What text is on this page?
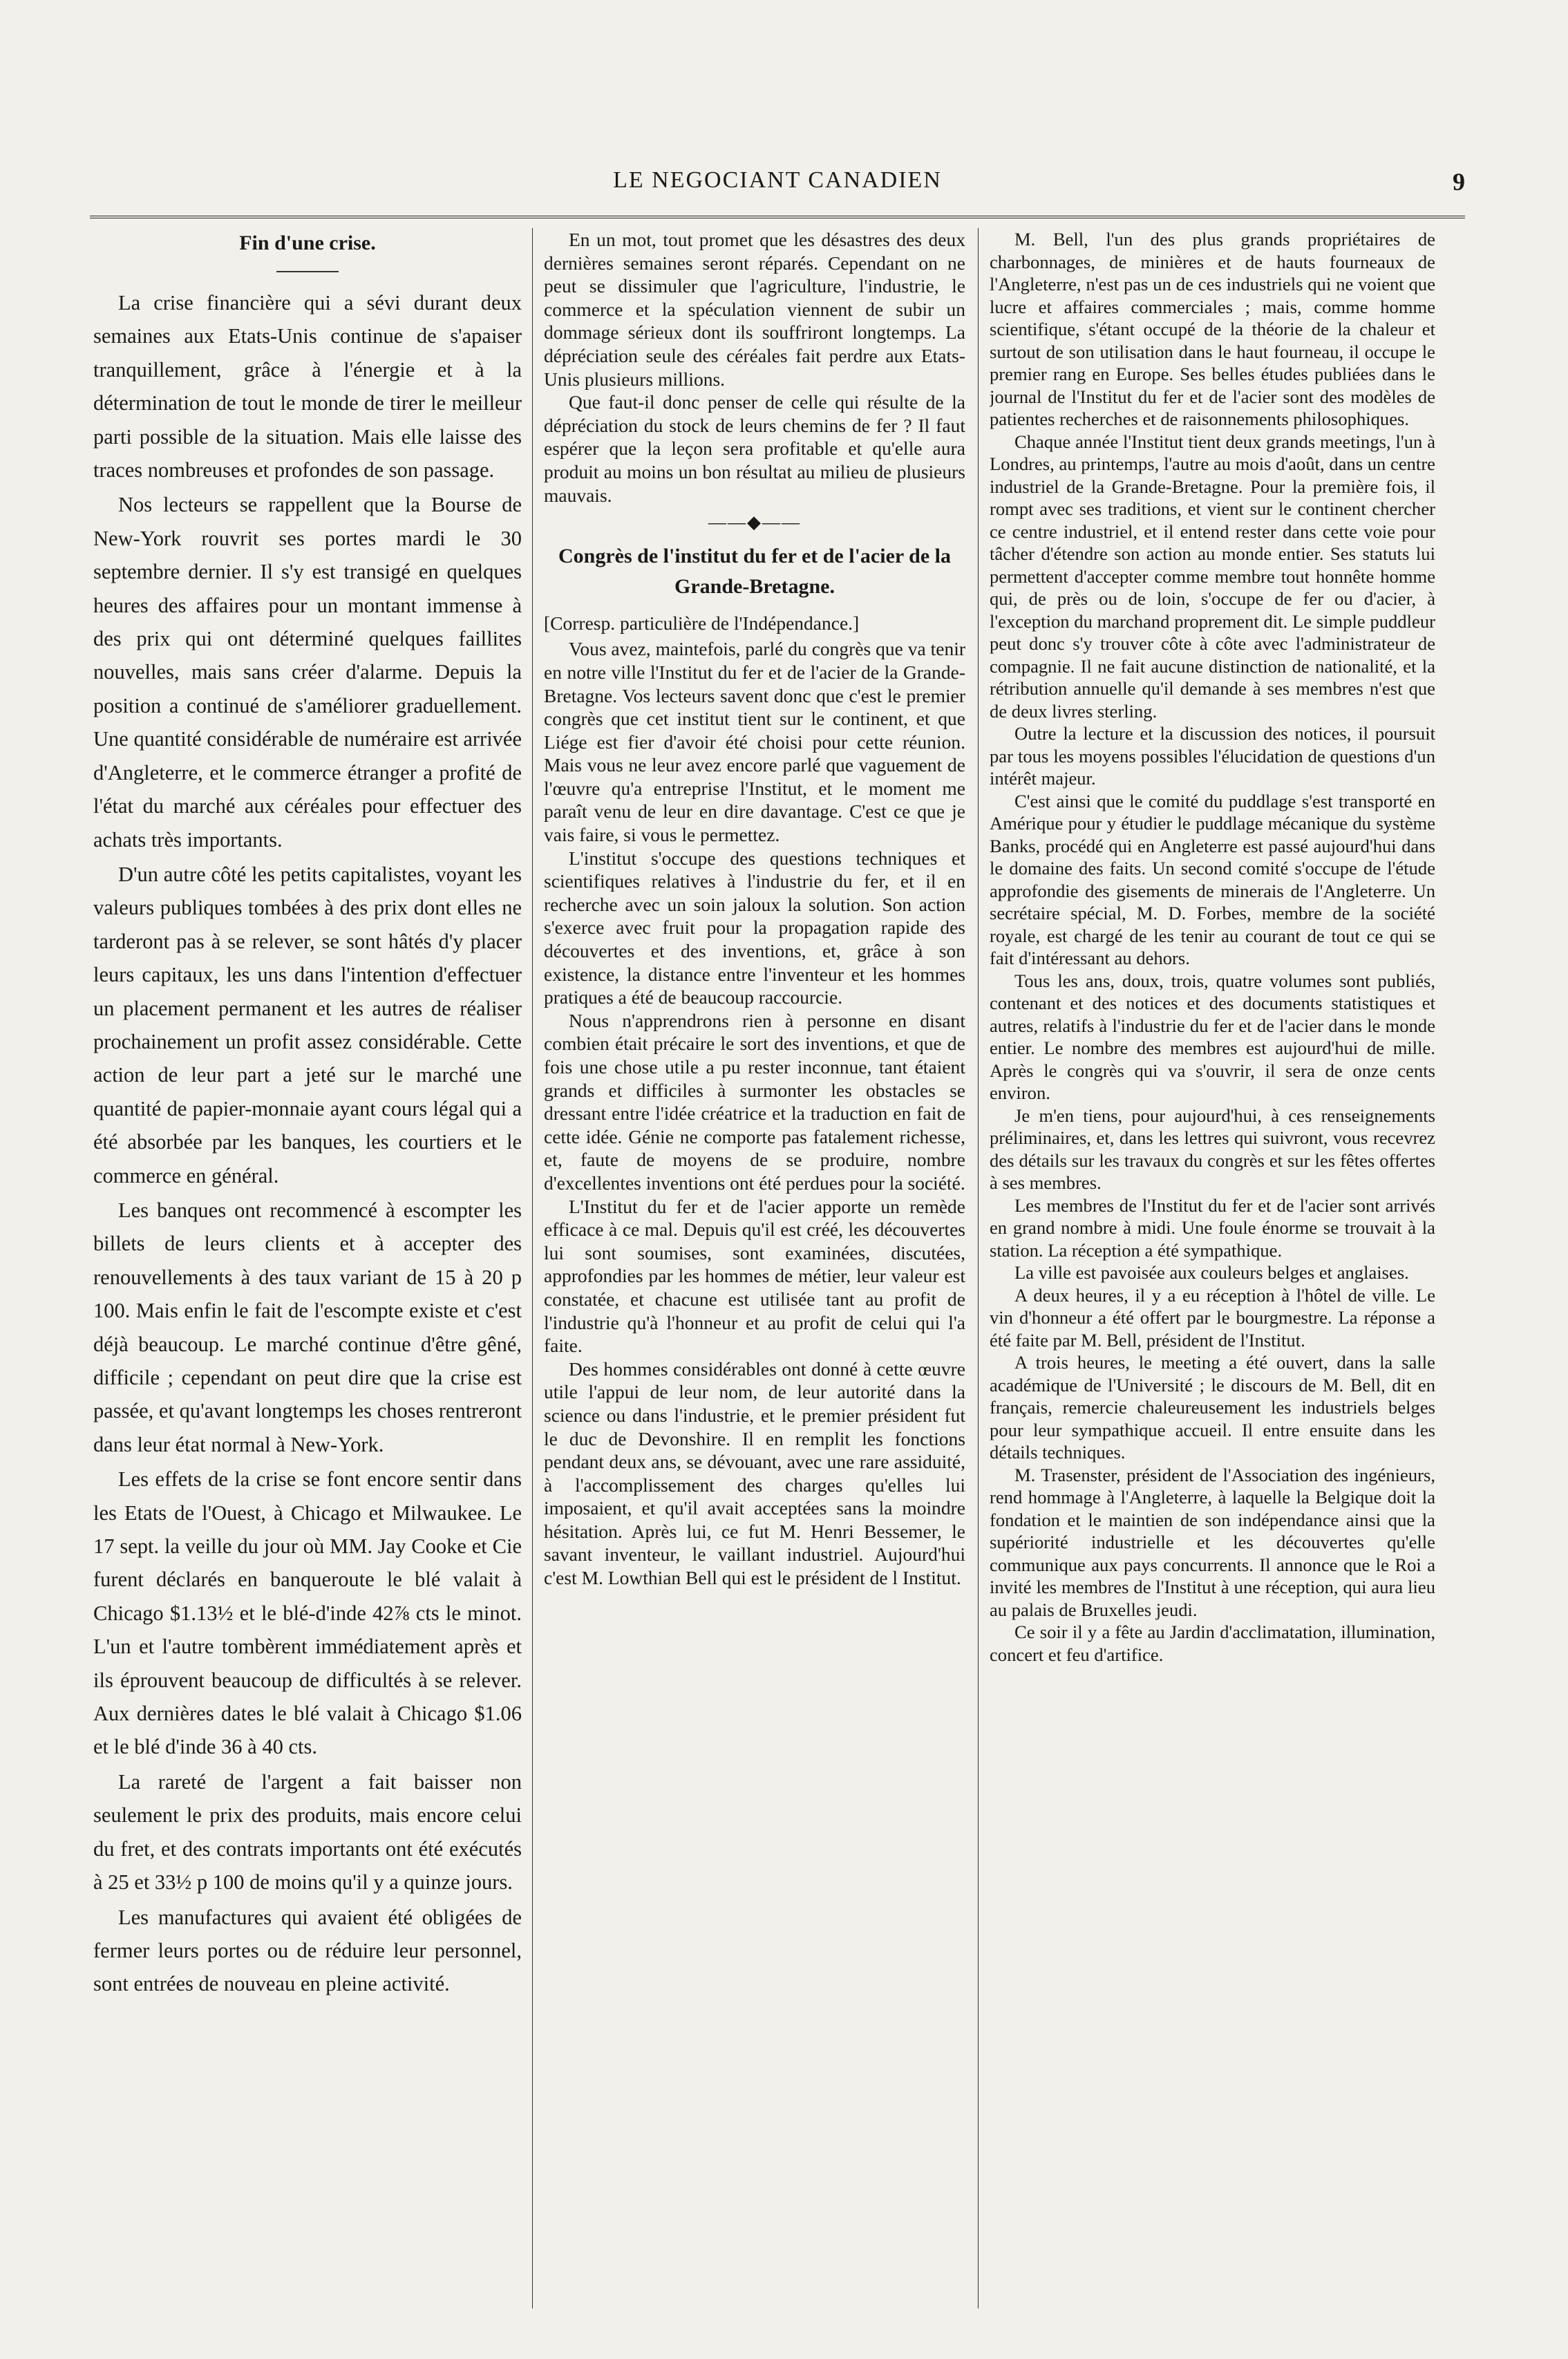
LE NEGOCIANT CANADIEN	9
Fin d'une crise.

La crise financière qui a sévi durant deux semaines aux Etats-Unis continue de s'apaiser tranquillement, grâce à l'énergie et à la détermination de tout le monde de tirer le meilleur parti possible de la situation. Mais elle laisse des traces nombreuses et profondes de son passage.

Nos lecteurs se rappellent que la Bourse de New-York rouvrit ses portes mardi le 30 septembre dernier. Il s'y est transigé en quelques heures des affaires pour un montant immense à des prix qui ont déterminé quelques faillites nouvelles, mais sans créer d'alarme. Depuis la position a continué de s'améliorer graduellement. Une quantité considérable de numéraire est arrivée d'Angleterre, et le commerce étranger a profité de l'état du marché aux céréales pour effectuer des achats très importants.

D'un autre côté les petits capitalistes, voyant les valeurs publiques tombées à des prix dont elles ne tarderont pas à se relever, se sont hâtés d'y placer leurs capitaux, les uns dans l'intention d'effectuer un placement permanent et les autres de réaliser prochainement un profit assez considérable. Cette action de leur part a jeté sur le marché une quantité de papier-monnaie ayant cours légal qui a été absorbée par les banques, les courtiers et le commerce en général.

Les banques ont recommencé à escompter les billets de leurs clients et à accepter des renouvellements à des taux variant de 15 à 20 p 100. Mais enfin le fait de l'escompte existe et c'est déjà beaucoup. Le marché continue d'être gêné, difficile ; cependant on peut dire que la crise est passée, et qu'avant longtemps les choses rentreront dans leur état normal à New-York.

Les effets de la crise se font encore sentir dans les Etats de l'Ouest, à Chicago et Milwaukee. Le 17 sept. la veille du jour où MM. Jay Cooke et Cie furent déclarés en banqueroute le blé valait à Chicago $1.13½ et le blé-d'inde 42⅞ cts le minot. L'un et l'autre tombèrent immédiatement après et ils éprouvent beaucoup de difficultés à se relever. Aux dernières dates le blé valait à Chicago $1.06 et le blé d'inde 36 à 40 cts.

La rareté de l'argent a fait baisser non seulement le prix des produits, mais encore celui du fret, et des contrats importants ont été exécutés à 25 et 33½ p 100 de moins qu'il y a quinze jours.

Les manufactures qui avaient été obligées de fermer leurs portes ou de réduire leur personnel, sont entrées de nouveau en pleine activité.

En un mot, tout promet que les désastres des deux dernières semaines seront réparés. Cependant on ne peut se dissimuler que l'agriculture, l'industrie, le commerce et la spéculation viennent de subir un dommage sérieux dont ils souffriront longtemps. La dépréciation seule des céréales fait perdre aux Etats-Unis plusieurs millions.

Que faut-il donc penser de celle qui résulte de la dépréciation du stock de leurs chemins de fer ? Il faut espérer que la leçon sera profitable et qu'elle aura produit au moins un bon résultat au milieu de plusieurs mauvais.

——◆——
Congrès de l'institut du fer et de l'acier de la Grande-Bretagne.

[Corresp. particulière de l'Indépendance.]

Vous avez, maintefois, parlé du congrès que va tenir en notre ville l'Institut du fer et de l'acier de la Grande-Bretagne. Vos lecteurs savent donc que c'est le premier congrès que cet institut tient sur le continent, et que Liége est fier d'avoir été choisi pour cette réunion. Mais vous ne leur avez encore parlé que vaguement de l'œuvre qu'a entreprise l'Institut, et le moment me paraît venu de leur en dire davantage. C'est ce que je vais faire, si vous le permettez.

L'institut s'occupe des questions techniques et scientifiques relatives à l'industrie du fer, et il en recherche avec un soin jaloux la solution. Son action s'exerce avec fruit pour la propagation rapide des découvertes et des inventions, et, grâce à son existence, la distance entre l'inventeur et les hommes pratiques a été de beaucoup raccourcie.

Nous n'apprendrons rien à personne en disant combien était précaire le sort des inventions, et que de fois une chose utile a pu rester inconnue, tant étaient grands et difficiles à surmonter les obstacles se dressant entre l'idée créatrice et la traduction en fait de cette idée. Génie ne comporte pas fatalement richesse, et, faute de moyens de se produire, nombre d'excellentes inventions ont été perdues pour la société.

L'Institut du fer et de l'acier apporte un remède efficace à ce mal. Depuis qu'il est créé, les découvertes lui sont soumises, sont examinées, discutées, approfondies par les hommes de métier, leur valeur est constatée, et chacune est utilisée tant au profit de l'industrie qu'à l'honneur et au profit de celui qui l'a faite.

Des hommes considérables ont donné à cette œuvre utile l'appui de leur nom, de leur autorité dans la science ou dans l'industrie, et le premier président fut le duc de Devonshire. Il en remplit les fonctions pendant deux ans, se dévouant, avec une rare assiduité, à l'accomplissement des charges qu'elles lui imposaient, et qu'il avait acceptées sans la moindre hésitation. Après lui, ce fut M. Henri Bessemer, le savant inventeur, le vaillant industriel. Aujourd'hui c'est M. Lowthian Bell qui est le président de l Institut.

M. Bell, l'un des plus grands propriétaires de charbonnages, de minières et de hauts fourneaux de l'Angleterre, n'est pas un de ces industriels qui ne voient que lucre et affaires commerciales ; mais, comme homme scientifique, s'étant occupé de la théorie de la chaleur et surtout de son utilisation dans le haut fourneau, il occupe le premier rang en Europe. Ses belles études publiées dans le journal de l'Institut du fer et de l'acier sont des modèles de patientes recherches et de raisonnements philosophiques.

Chaque année l'Institut tient deux grands meetings, l'un à Londres, au printemps, l'autre au mois d'août, dans un centre industriel de la Grande-Bretagne. Pour la première fois, il rompt avec ses traditions, et vient sur le continent chercher ce centre industriel, et il entend rester dans cette voie pour tâcher d'étendre son action au monde entier. Ses statuts lui permettent d'accepter comme membre tout honnête homme qui, de près ou de loin, s'occupe de fer ou d'acier, à l'exception du marchand proprement dit. Le simple puddleur peut donc s'y trouver côte à côte avec l'administrateur de compagnie. Il ne fait aucune distinction de nationalité, et la rétribution annuelle qu'il demande à ses membres n'est que de deux livres sterling.

Outre la lecture et la discussion des notices, il poursuit par tous les moyens possibles l'élucidation de questions d'un intérêt majeur.

C'est ainsi que le comité du puddlage s'est transporté en Amérique pour y étudier le puddlage mécanique du système Banks, procédé qui en Angleterre est passé aujourd'hui dans le domaine des faits. Un second comité s'occupe de l'étude approfondie des gisements de minerais de l'Angleterre. Un secrétaire spécial, M. D. Forbes, membre de la société royale, est chargé de les tenir au courant de tout ce qui se fait d'intéressant au dehors.

Tous les ans, doux, trois, quatre volumes sont publiés, contenant et des notices et des documents statistiques et autres, relatifs à l'industrie du fer et de l'acier dans le monde entier. Le nombre des membres est aujourd'hui de mille. Après le congrès qui va s'ouvrir, il sera de onze cents environ.

Je m'en tiens, pour aujourd'hui, à ces renseignements préliminaires, et, dans les lettres qui suivront, vous recevrez des détails sur les travaux du congrès et sur les fêtes offertes à ses membres.

Les membres de l'Institut du fer et de l'acier sont arrivés en grand nombre à midi. Une foule énorme se trouvait à la station. La réception a été sympathique.

La ville est pavoisée aux couleurs belges et anglaises.

A deux heures, il y a eu réception à l'hôtel de ville. Le vin d'honneur a été offert par le bourgmestre. La réponse a été faite par M. Bell, président de l'Institut.

A trois heures, le meeting a été ouvert, dans la salle académique de l'Université ; le discours de M. Bell, dit en français, remercie chaleureusement les industriels belges pour leur sympathique accueil. Il entre ensuite dans les détails techniques.

M. Trasenster, président de l'Association des ingénieurs, rend hommage à l'Angleterre, à laquelle la Belgique doit la fondation et le maintien de son indépendance ainsi que la supériorité industrielle et les découvertes qu'elle communique aux pays concurrents. Il annonce que le Roi a invité les membres de l'Institut à une réception, qui aura lieu au palais de Bruxelles jeudi.

Ce soir il y a fête au Jardin d'acclimatation, illumination, concert et feu d'artifice.
